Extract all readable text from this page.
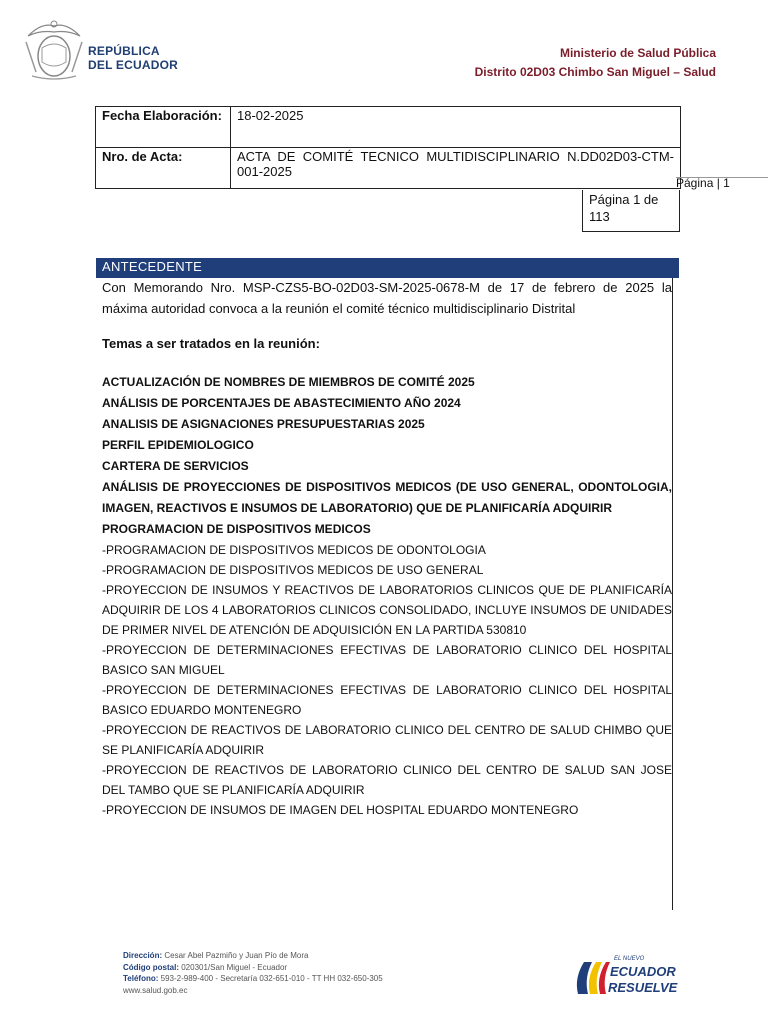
REPÚBLICA
DEL ECUADOR
Ministerio de Salud Pública
Distrito 02D03 Chimbo San Miguel – Salud
Fecha Elaboración:	18-02-2025
Nro. de Acta:	ACTA DE COMITÉ TECNICO MULTIDISCIPLINARIO N.DD02D03-CTM-001-2025
Página 1 de 113
Página | 1
ANTECEDENTE

Con Memorando Nro. MSP-CZS5-BO-02D03-SM-2025-0678-M de 17 de febrero de 2025 la máxima autoridad convoca a la reunión el comité técnico multidisciplinario Distrital

Temas a ser tratados en la reunión:

ACTUALIZACIÓN DE NOMBRES DE MIEMBROS DE COMITÉ 2025

ANÁLISIS DE PORCENTAJES DE ABASTECIMIENTO AÑO 2024

ANALISIS DE ASIGNACIONES PRESUPUESTARIAS 2025

PERFIL EPIDEMIOLOGICO

CARTERA DE SERVICIOS

ANÁLISIS DE PROYECCIONES DE DISPOSITIVOS MEDICOS (DE USO GENERAL, ODONTOLOGIA, IMAGEN, REACTIVOS E INSUMOS DE LABORATORIO) QUE DE PLANIFICARÍA ADQUIRIR

PROGRAMACION DE DISPOSITIVOS MEDICOS

-PROGRAMACION DE DISPOSITIVOS MEDICOS DE ODONTOLOGIA

-PROGRAMACION DE DISPOSITIVOS MEDICOS DE USO GENERAL

-PROYECCION DE INSUMOS Y REACTIVOS DE LABORATORIOS CLINICOS QUE DE PLANIFICARÍA ADQUIRIR DE LOS 4 LABORATORIOS CLINICOS CONSOLIDADO, INCLUYE INSUMOS DE UNIDADES DE PRIMER NIVEL DE ATENCIÓN DE ADQUISICIÓN EN LA PARTIDA 530810

-PROYECCION DE DETERMINACIONES EFECTIVAS DE LABORATORIO CLINICO DEL HOSPITAL BASICO SAN MIGUEL

-PROYECCION DE DETERMINACIONES EFECTIVAS DE LABORATORIO CLINICO DEL HOSPITAL BASICO EDUARDO MONTENEGRO

-PROYECCION DE REACTIVOS DE LABORATORIO CLINICO DEL CENTRO DE SALUD CHIMBO QUE SE PLANIFICARÍA ADQUIRIR

-PROYECCION DE REACTIVOS DE LABORATORIO CLINICO DEL CENTRO DE SALUD SAN JOSE DEL TAMBO QUE SE PLANIFICARÍA ADQUIRIR

-PROYECCION DE INSUMOS DE IMAGEN DEL HOSPITAL EDUARDO MONTENEGRO

Dirección: Cesar Abel Pazmiño y Juan Pío de Mora
Código postal: 020301/San Miguel - Ecuador
Teléfono: 593-2-989-400 - Secretaría 032-651-010 - TT HH 032-650-305
www.salud.gob.ec
EL NUEVO
ECUADOR
RESUELVE
